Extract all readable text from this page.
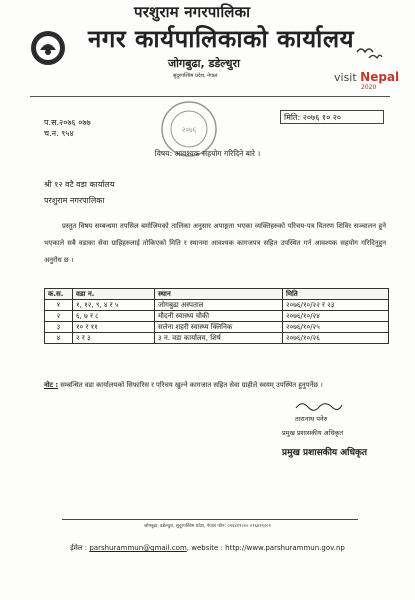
परशुराम नगरपालिका
नगर कार्यपालिकाको कार्यालय
जोगबुढा, डडेल्धुरा
सुदूरपश्चिम प्रदेश, नेपाल	visit Nepal
2020
प.स.२०७६ ०७७
च.न. ९५४
मिति: २०७६ १० २०
२०७६
विषय: आवश्यक सहयोग गरिदिने बारे ।
श्री १२ वटै वडा कार्यालय
परशुराम नगरपालिका
प्रस्तुत विषय सम्बन्धमा तपसिल बमोजिमको तालिका अनुसार अपाङ्गता भएका व्यक्तिहरुको परिचय-पत्र वितरण शिविर सञ्चालन हुने भएकाले सबै वडाका सेवा ग्राहिहरुलाई तोकिएको मिति र स्थानमा आवश्यक कागजपत्र सहित उपस्थित गर्न आवश्यक सहयोग गरिदिनुहुन अनुरोध छ ।
क.स.	वडा न.	स्थान	मिति
१	१, १२, ९, ४ र ५	जोगबुढा अस्पताल	२०७६/१०/२२ र २३
२	६, ७ र ८	मौदनी स्वास्थ्य चौकी	२०७६/१०/२४
३	१० र ११	सलेना शहरी स्वास्थ्य क्लिनिक	२०७६/१०/२५
४	२ र ३	३ न. वडा कार्यालय, शिर्ष	२०७६/१०/२६
नोट : सम्बन्धित वडा कार्यालयको सिफारिस र परिचय खुल्ने कागजात सहित सेवा ग्राहीले स्वयम् उपस्थित हुनुपर्नेछ ।
तारानाथ पनेरु
प्रमुख प्रशासकीय अधिकृत
प्रमुख प्रशासकीय अधिकृत
जोगबुढा, डडेल्धुरा, सुदूरपश्चिम प्रदेश, नेपाल फोन: ०९६४१९००० ०९६४१९००१
ईमेल : parshurammun@gmail.com, website : http://www.parshurammun.gov.np
